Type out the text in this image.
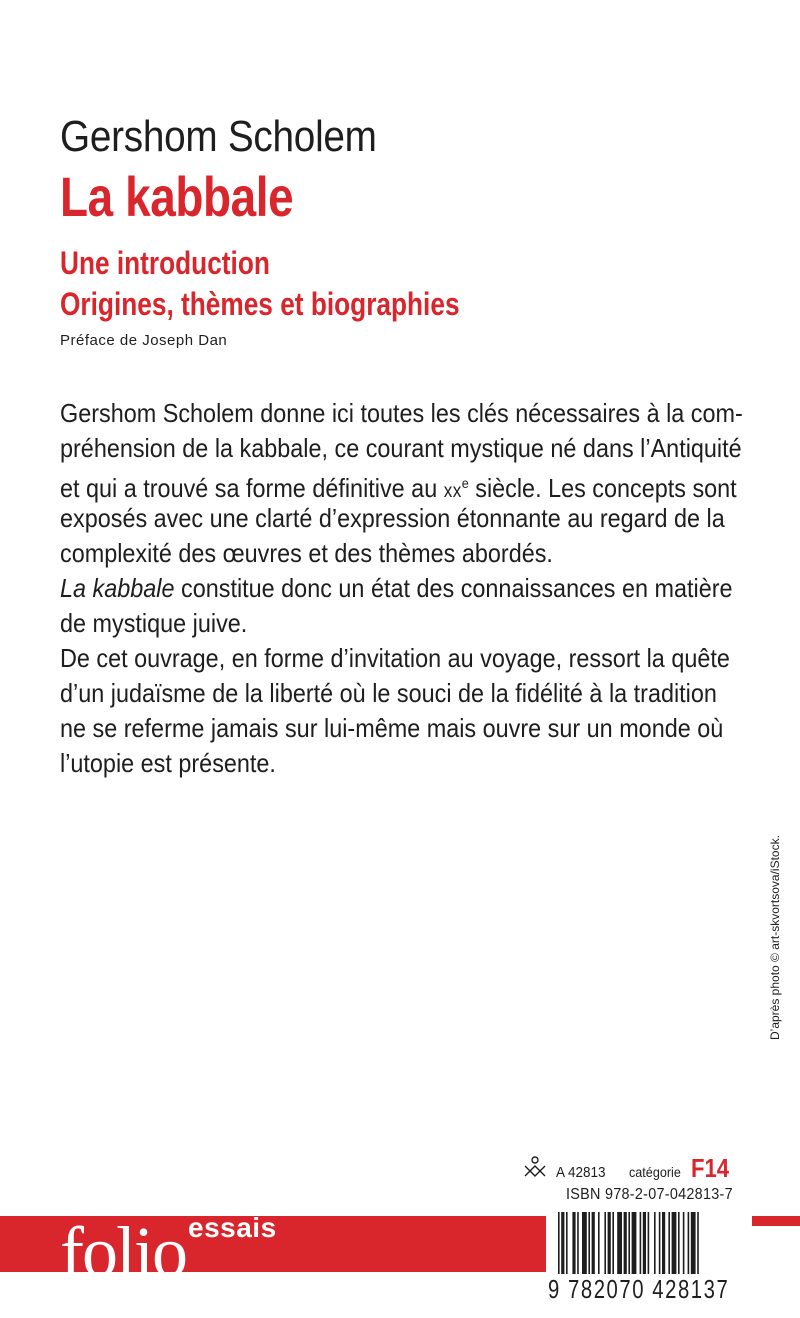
Gershom Scholem
La kabbale
Une introduction
Origines, thèmes et biographies
Préface de Joseph Dan
Gershom Scholem donne ici toutes les clés nécessaires à la com-
préhension de la kabbale, ce courant mystique né dans l’Antiquité
et qui a trouvé sa forme définitive au $xx^e$ siècle. Les concepts sont
exposés avec une clarté d’expression étonnante au regard de la
complexité des œuvres et des thèmes abordés.
La kabbale constitue donc un état des connaissances en matière
de mystique juive.
De cet ouvrage, en forme d’invitation au voyage, ressort la quête
d’un judaïsme de la liberté où le souci de la fidélité à la tradition
ne se referme jamais sur lui-même mais ouvre sur un monde où
l’utopie est présente.
D’après photo © art-skvortsova/iStock.
A 42813 catégorie F14
ISBN 978-2-07-042813-7
folio essais
9 782070 428137
